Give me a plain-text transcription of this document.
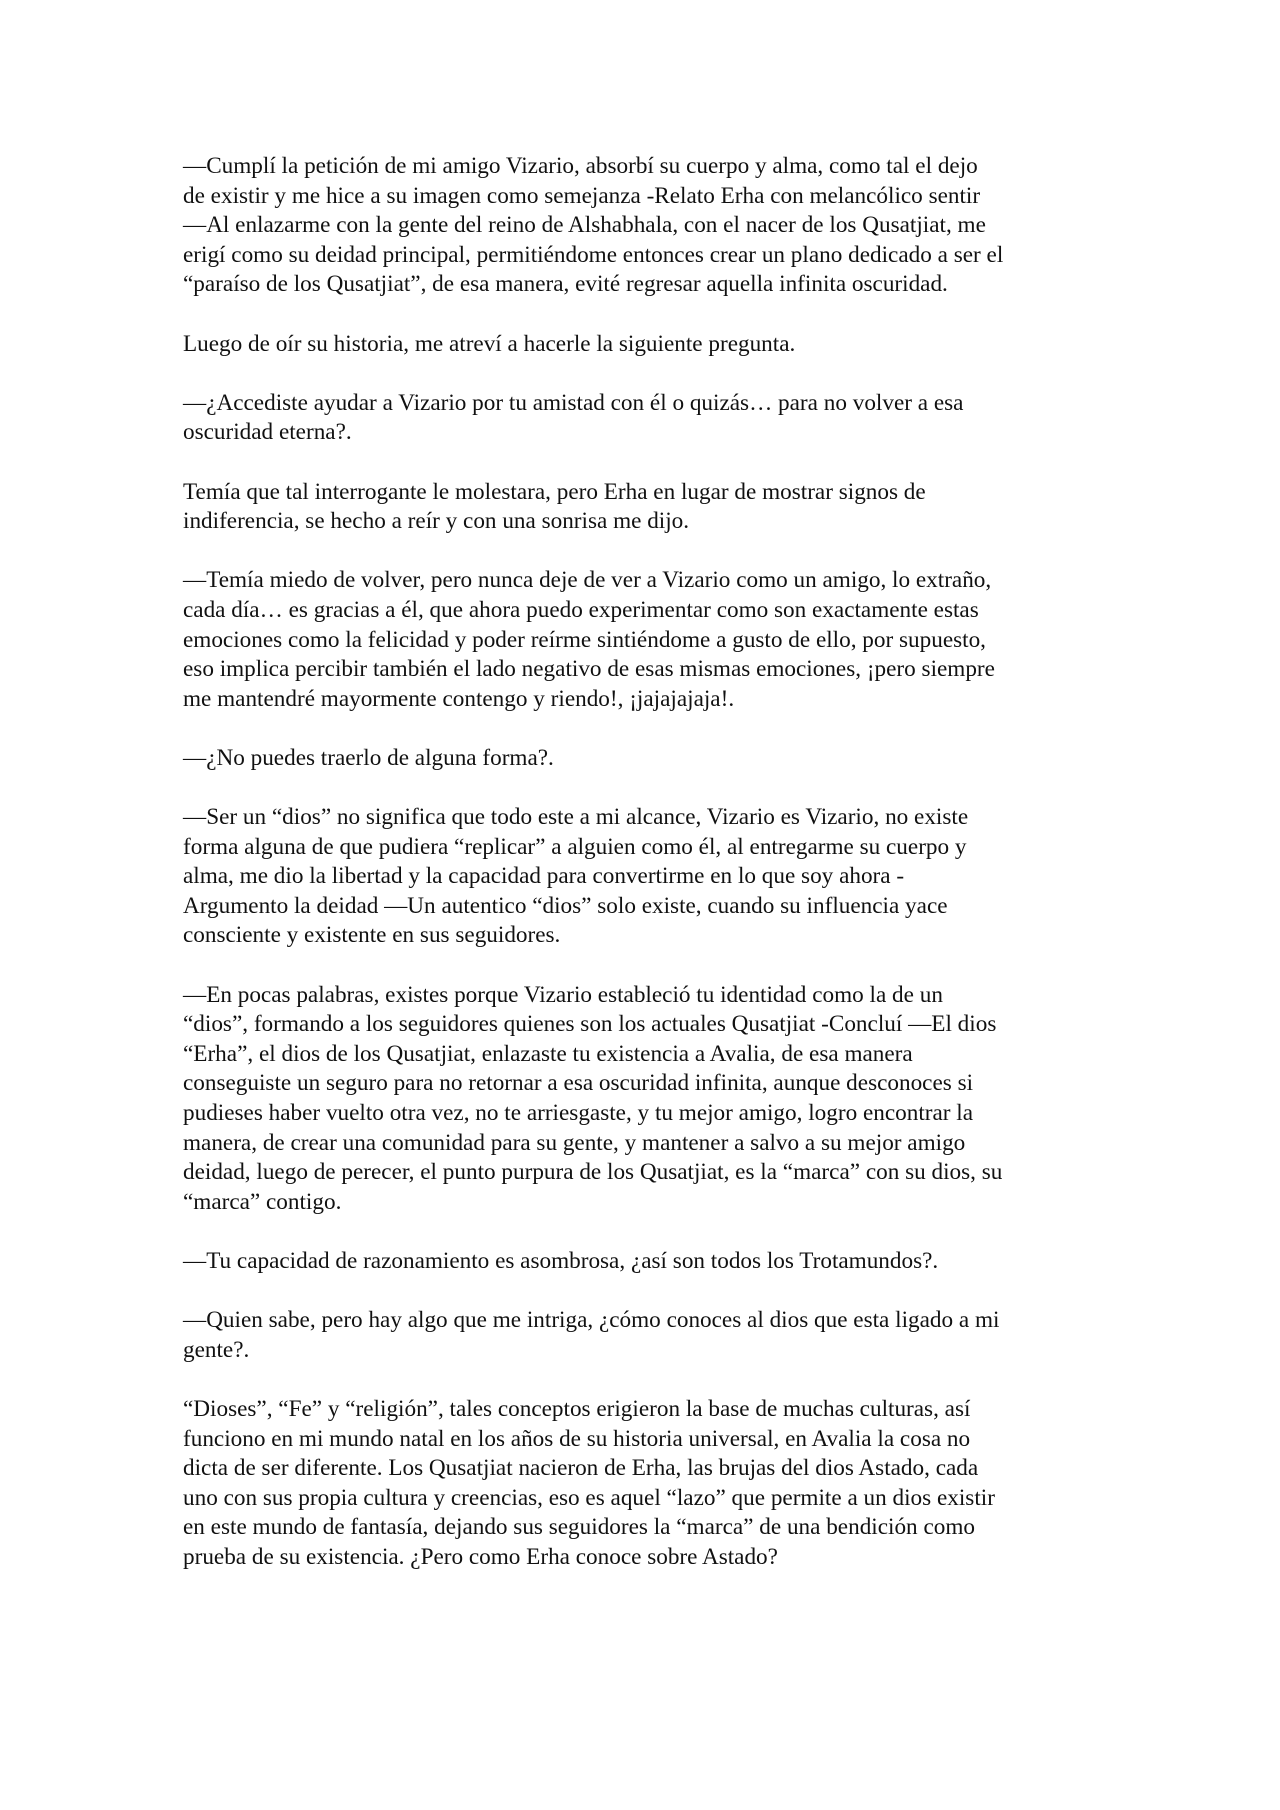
—Cumplí la petición de mi amigo Vizario, absorbí su cuerpo y alma, como tal el dejo
de existir y me hice a su imagen como semejanza -Relato Erha con melancólico sentir
—Al enlazarme con la gente del reino de Alshabhala, con el nacer de los Qusatjiat, me
erigí como su deidad principal, permitiéndome entonces crear un plano dedicado a ser el
“paraíso de los Qusatjiat”, de esa manera, evité regresar aquella infinita oscuridad.

Luego de oír su historia, me atreví a hacerle la siguiente pregunta.

—¿Accediste ayudar a Vizario por tu amistad con él o quizás… para no volver a esa
oscuridad eterna?.

Temía que tal interrogante le molestara, pero Erha en lugar de mostrar signos de
indiferencia, se hecho a reír y con una sonrisa me dijo.

—Temía miedo de volver, pero nunca deje de ver a Vizario como un amigo, lo extraño,
cada día… es gracias a él, que ahora puedo experimentar como son exactamente estas
emociones como la felicidad y poder reírme sintiéndome a gusto de ello, por supuesto,
eso implica percibir también el lado negativo de esas mismas emociones, ¡pero siempre
me mantendré mayormente contengo y riendo!, ¡jajajajaja!.

—¿No puedes traerlo de alguna forma?.

—Ser un “dios” no significa que todo este a mi alcance, Vizario es Vizario, no existe
forma alguna de que pudiera “replicar” a alguien como él, al entregarme su cuerpo y
alma, me dio la libertad y la capacidad para convertirme en lo que soy ahora -
Argumento la deidad —Un autentico “dios” solo existe, cuando su influencia yace
consciente y existente en sus seguidores.

—En pocas palabras, existes porque Vizario estableció tu identidad como la de un
“dios”, formando a los seguidores quienes son los actuales Qusatjiat -Concluí —El dios
“Erha”, el dios de los Qusatjiat, enlazaste tu existencia a Avalia, de esa manera
conseguiste un seguro para no retornar a esa oscuridad infinita, aunque desconoces si
pudieses haber vuelto otra vez, no te arriesgaste, y tu mejor amigo, logro encontrar la
manera, de crear una comunidad para su gente, y mantener a salvo a su mejor amigo
deidad, luego de perecer, el punto purpura de los Qusatjiat, es la “marca” con su dios, su
“marca” contigo.

—Tu capacidad de razonamiento es asombrosa, ¿así son todos los Trotamundos?.

—Quien sabe, pero hay algo que me intriga, ¿cómo conoces al dios que esta ligado a mi
gente?.

“Dioses”, “Fe” y “religión”, tales conceptos erigieron la base de muchas culturas, así
funciono en mi mundo natal en los años de su historia universal, en Avalia la cosa no
dicta de ser diferente. Los Qusatjiat nacieron de Erha, las brujas del dios Astado, cada
uno con sus propia cultura y creencias, eso es aquel “lazo” que permite a un dios existir
en este mundo de fantasía, dejando sus seguidores la “marca” de una bendición como
prueba de su existencia. ¿Pero como Erha conoce sobre Astado?
